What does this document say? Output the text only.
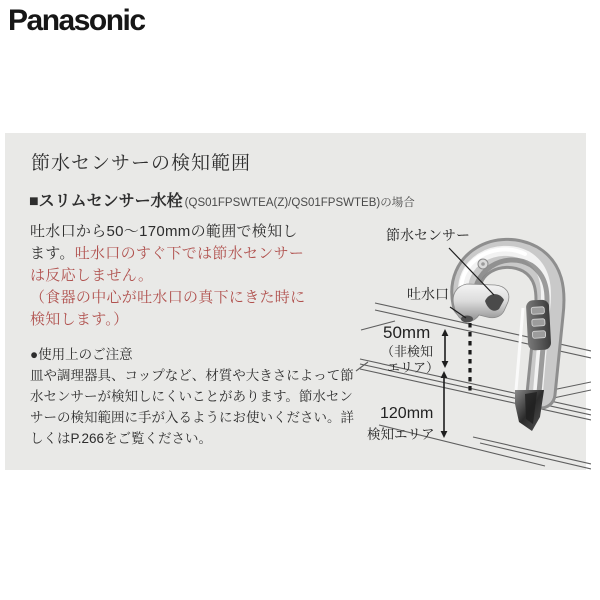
Panasonic
節水センサーの検知範囲
■スリムセンサー水栓 (QS01FPSWTEA(Z)/QS01FPSWTEB)の場合
吐水口から50〜170mmの範囲で検知し
ます。吐水口のすぐ下では節水センサー
は反応しません。
（食器の中心が吐水口の真下にきた時に
検知します。）
●使用上のご注意
皿や調理器具、コップなど、材質や大きさによって節
水センサーが検知しにくいことがあります。節水セン
サーの検知範囲に手が入るようにお使いください。詳
しくはP.266をご覧ください。
節水センサー
吐水口
50mm
（非検知
エリア）
120mm
検知エリア
